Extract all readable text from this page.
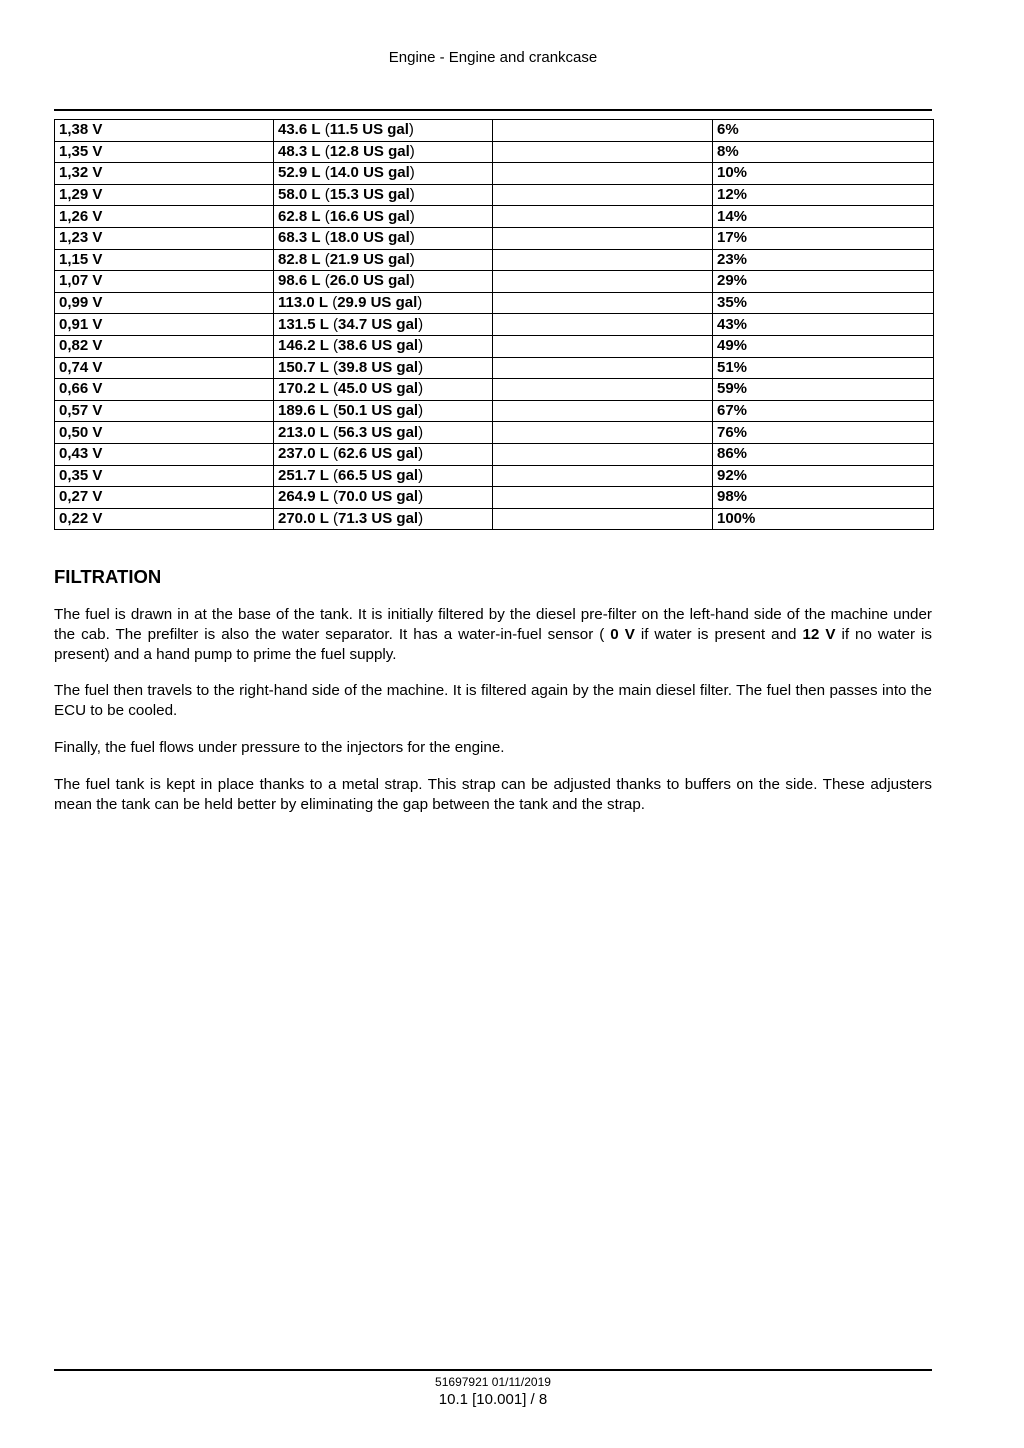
Engine - Engine and crankcase
1,38 V	43.6 L (11.5 US gal)		6%
1,35 V	48.3 L (12.8 US gal)		8%
1,32 V	52.9 L (14.0 US gal)		10%
1,29 V	58.0 L (15.3 US gal)		12%
1,26 V	62.8 L (16.6 US gal)		14%
1,23 V	68.3 L (18.0 US gal)		17%
1,15 V	82.8 L (21.9 US gal)		23%
1,07 V	98.6 L (26.0 US gal)		29%
0,99 V	113.0 L (29.9 US gal)		35%
0,91 V	131.5 L (34.7 US gal)		43%
0,82 V	146.2 L (38.6 US gal)		49%
0,74 V	150.7 L (39.8 US gal)		51%
0,66 V	170.2 L (45.0 US gal)		59%
0,57 V	189.6 L (50.1 US gal)		67%
0,50 V	213.0 L (56.3 US gal)		76%
0,43 V	237.0 L (62.6 US gal)		86%
0,35 V	251.7 L (66.5 US gal)		92%
0,27 V	264.9 L (70.0 US gal)		98%
0,22 V	270.0 L (71.3 US gal)		100%
FILTRATION

The fuel is drawn in at the base of the tank. It is initially filtered by the diesel pre-filter on the left-hand side of the machine under the cab. The prefilter is also the water separator. It has a water-in-fuel sensor ( 0 V if water is present and 12 V if no water is present) and a hand pump to prime the fuel supply.

The fuel then travels to the right-hand side of the machine. It is filtered again by the main diesel filter. The fuel then passes into the ECU to be cooled.

Finally, the fuel flows under pressure to the injectors for the engine.

The fuel tank is kept in place thanks to a metal strap. This strap can be adjusted thanks to buffers on the side. These adjusters mean the tank can be held better by eliminating the gap between the tank and the strap.

51697921 01/11/2019
10.1 [10.001] / 8
